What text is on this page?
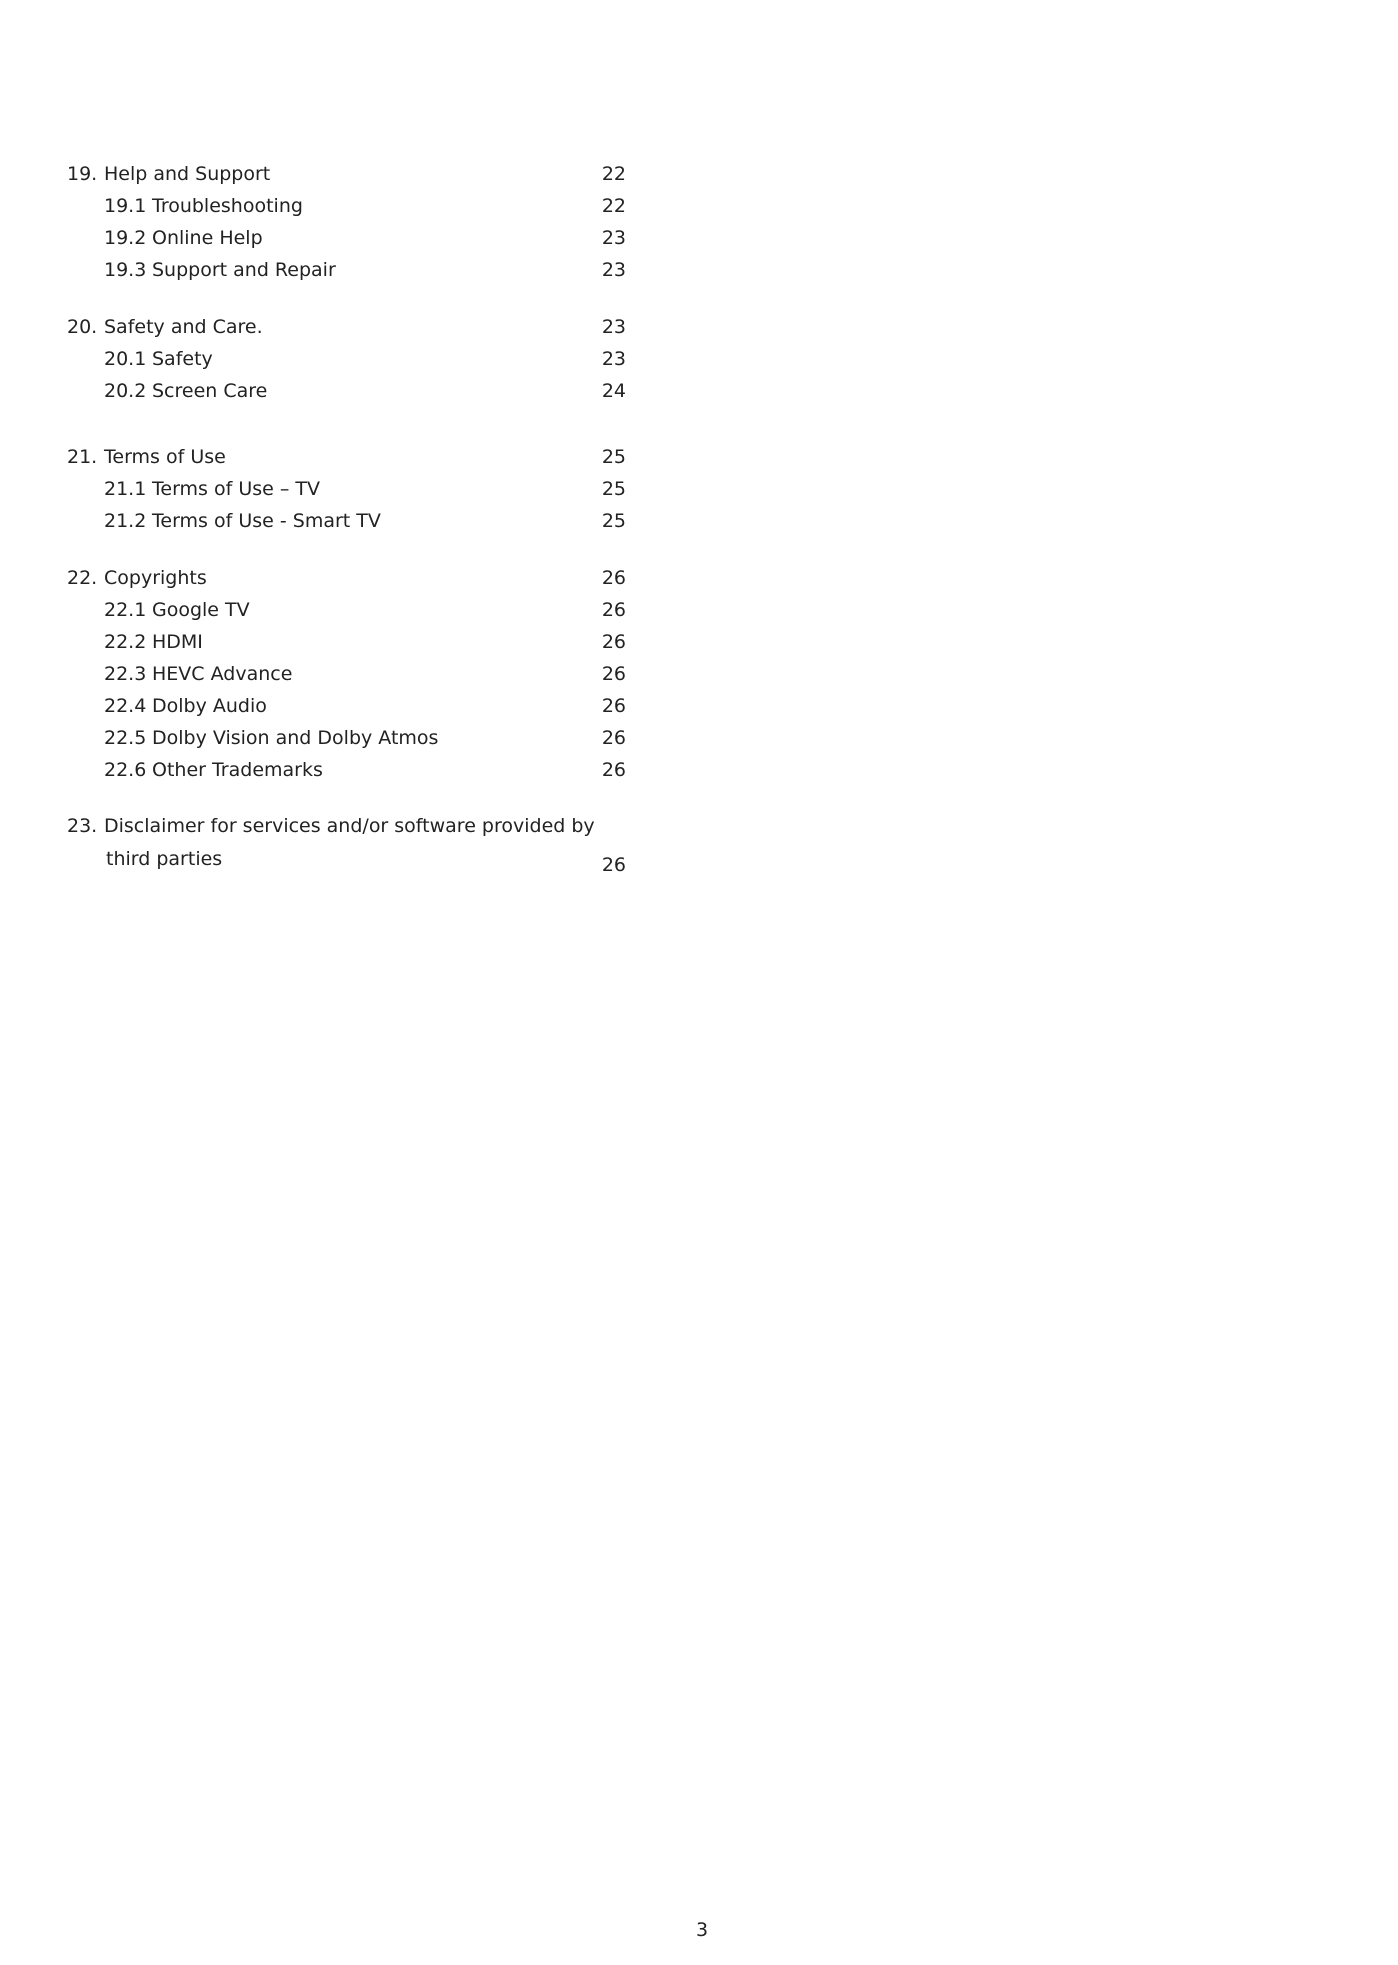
19. Help and Support	22
19.1 Troubleshooting	22
19.2 Online Help	23
19.3 Support and Repair	23
20. Safety and Care.	23
20.1 Safety	23
20.2 Screen Care	24
21. Terms of Use	25
21.1 Terms of Use – TV	25
21.2 Terms of Use - Smart TV	25
22. Copyrights	26
22.1 Google TV	26
22.2 HDMI	26
22.3 HEVC Advance	26
22.4 Dolby Audio	26
22.5 Dolby Vision and Dolby Atmos	26
22.6 Other Trademarks	26
23. Disclaimer for services and/or software provided by
third parties	26
3
